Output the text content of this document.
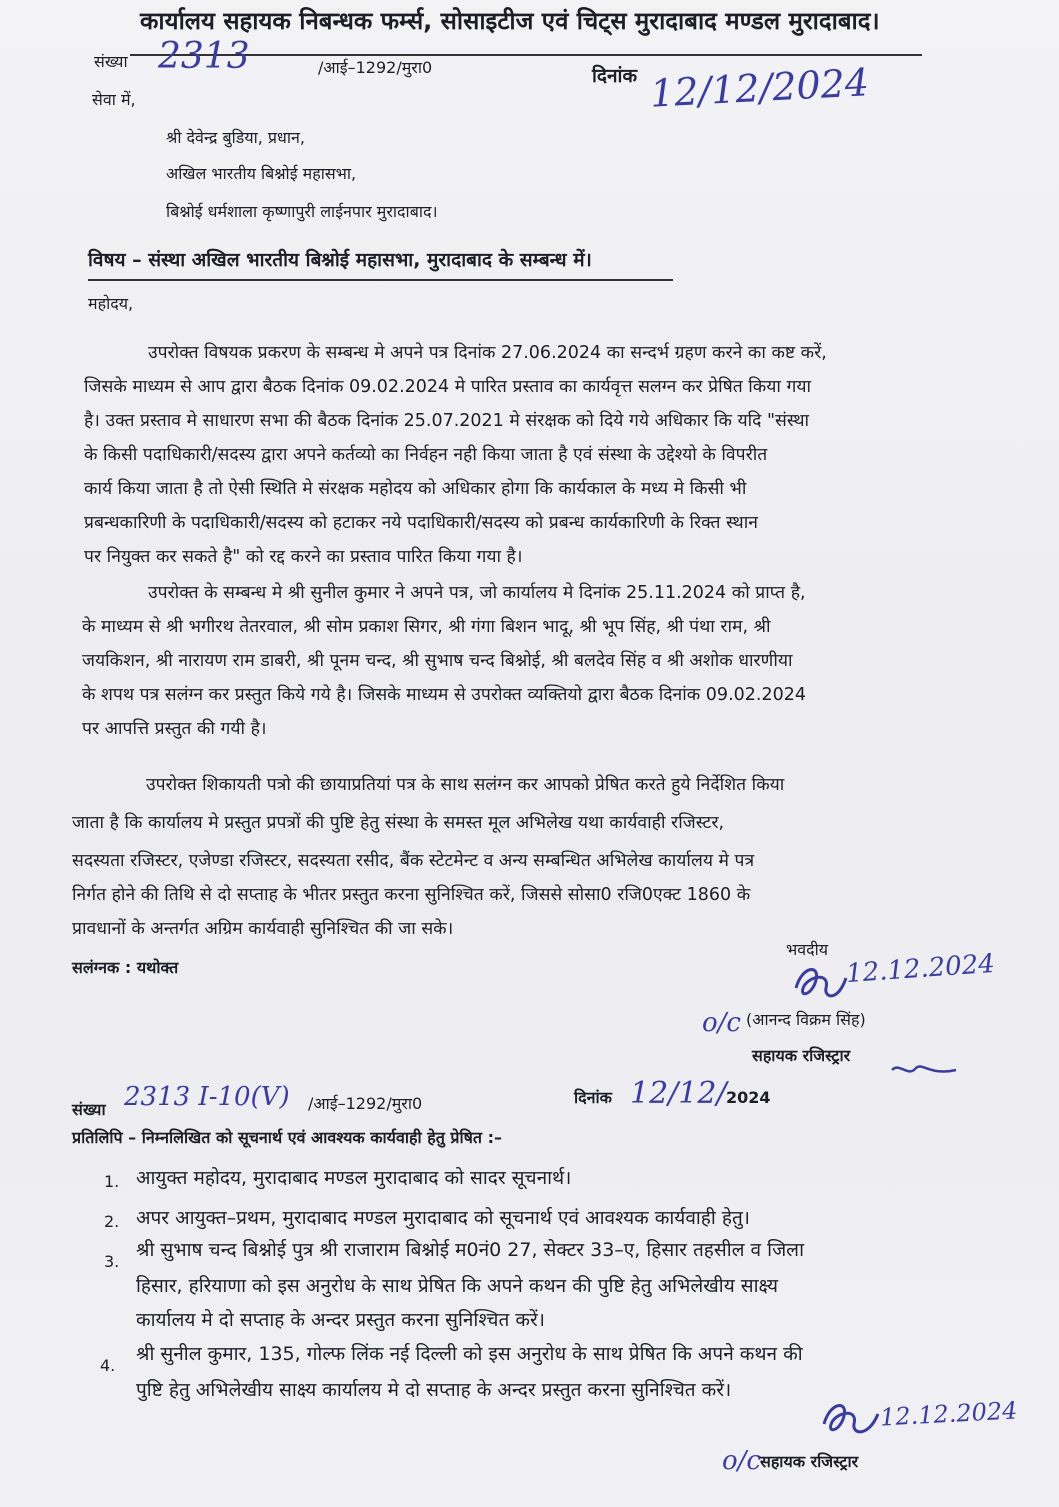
कार्यालय सहायक निबन्धक फर्म्स, सोसाइटीज एवं चिट्स मुरादाबाद मण्डल मुरादाबाद।
संख्या 2313	/आई–1292/मुरा0	दिनांक 12/12/2024
सेवा में,
श्री देवेन्द्र बुडिया, प्रधान,
अखिल भारतीय बिश्नोई महासभा,
बिश्नोई धर्मशाला कृष्णापुरी लाईनपार मुरादाबाद।
विषय – संस्था अखिल भारतीय बिश्नोई महासभा, मुरादाबाद के सम्बन्ध में।
महोदय,
उपरोक्त विषयक प्रकरण के सम्बन्ध मे अपने पत्र दिनांक 27.06.2024 का सन्दर्भ ग्रहण करने का कष्ट करें,
जिसके माध्यम से आप द्वारा बैठक दिनांक 09.02.2024 मे पारित प्रस्ताव का कार्यवृत्त सलग्न कर प्रेषित किया गया
है। उक्त प्रस्ताव मे साधारण सभा की बैठक दिनांक 25.07.2021 मे संरक्षक को दिये गये अधिकार कि यदि "संस्था
के किसी पदाधिकारी/सदस्य द्वारा अपने कर्तव्यो का निर्वहन नही किया जाता है एवं संस्था के उद्देश्यो के विपरीत
कार्य किया जाता है तो ऐसी स्थिति मे संरक्षक महोदय को अधिकार होगा कि कार्यकाल के मध्य मे किसी भी
प्रबन्धकारिणी के पदाधिकारी/सदस्य को हटाकर नये पदाधिकारी/सदस्य को प्रबन्ध कार्यकारिणी के रिक्त स्थान
पर नियुक्त कर सकते है" को रद्द करने का प्रस्ताव पारित किया गया है।
उपरोक्त के सम्बन्ध मे श्री सुनील कुमार ने अपने पत्र, जो कार्यालय मे दिनांक 25.11.2024 को प्राप्त है,
के माध्यम से श्री भगीरथ तेतरवाल, श्री सोम प्रकाश सिगर, श्री गंगा बिशन भादू, श्री भूप सिंह, श्री पंथा राम, श्री
जयकिशन, श्री नारायण राम डाबरी, श्री पूनम चन्द, श्री सुभाष चन्द बिश्नोई, श्री बलदेव सिंह व श्री अशोक धारणीया
के शपथ पत्र सलंग्न कर प्रस्तुत किये गये है। जिसके माध्यम से उपरोक्त व्यक्तियो द्वारा बैठक दिनांक 09.02.2024
पर आपत्ति प्रस्तुत की गयी है।
उपरोक्त शिकायती पत्रो की छायाप्रतियां पत्र के साथ सलंग्न कर आपको प्रेषित करते हुये निर्देशित किया
जाता है कि कार्यालय मे प्रस्तुत प्रपत्रों की पुष्टि हेतु संस्था के समस्त मूल अभिलेख यथा कार्यवाही रजिस्टर,
सदस्यता रजिस्टर, एजेण्डा रजिस्टर, सदस्यता रसीद, बैंक स्टेटमेन्ट व अन्य सम्बन्धित अभिलेख कार्यालय मे पत्र
निर्गत होने की तिथि से दो सप्ताह के भीतर प्रस्तुत करना सुनिश्चित करें, जिससे सोसा0 रजि0एक्ट 1860 के
प्रावधानों के अन्तर्गत अग्रिम कार्यवाही सुनिश्चित की जा सके।
सलंग्नक : यथोक्त
भवदीय 12.12.2024
o/c (आनन्द विक्रम सिंह)
सहायक रजिस्ट्रार
संख्या 2313 I-10(V) /आई–1292/मुरा0	दिनांक 12/12/ 2024
प्रतिलिपि – निम्नलिखित को सूचनार्थ एवं आवश्यक कार्यवाही हेतु प्रेषित :–
1. आयुक्त महोदय, मुरादाबाद मण्डल मुरादाबाद को सादर सूचनार्थ।
2. अपर आयुक्त–प्रथम, मुरादाबाद मण्डल मुरादाबाद को सूचनार्थ एवं आवश्यक कार्यवाही हेतु।
3.
श्री सुभाष चन्द बिश्नोई पुत्र श्री राजाराम बिश्नोई म0नं0 27, सेक्टर 33–ए, हिसार तहसील व जिला
हिसार, हरियाणा को इस अनुरोध के साथ प्रेषित कि अपने कथन की पुष्टि हेतु अभिलेखीय साक्ष्य
कार्यालय मे दो सप्ताह के अन्दर प्रस्तुत करना सुनिश्चित करें।
4.
श्री सुनील कुमार, 135, गोल्फ लिंक नई दिल्ली को इस अनुरोध के साथ प्रेषित कि अपने कथन की
पुष्टि हेतु अभिलेखीय साक्ष्य कार्यालय मे दो सप्ताह के अन्दर प्रस्तुत करना सुनिश्चित करें।
12.12.2024
o/c सहायक रजिस्ट्रार
